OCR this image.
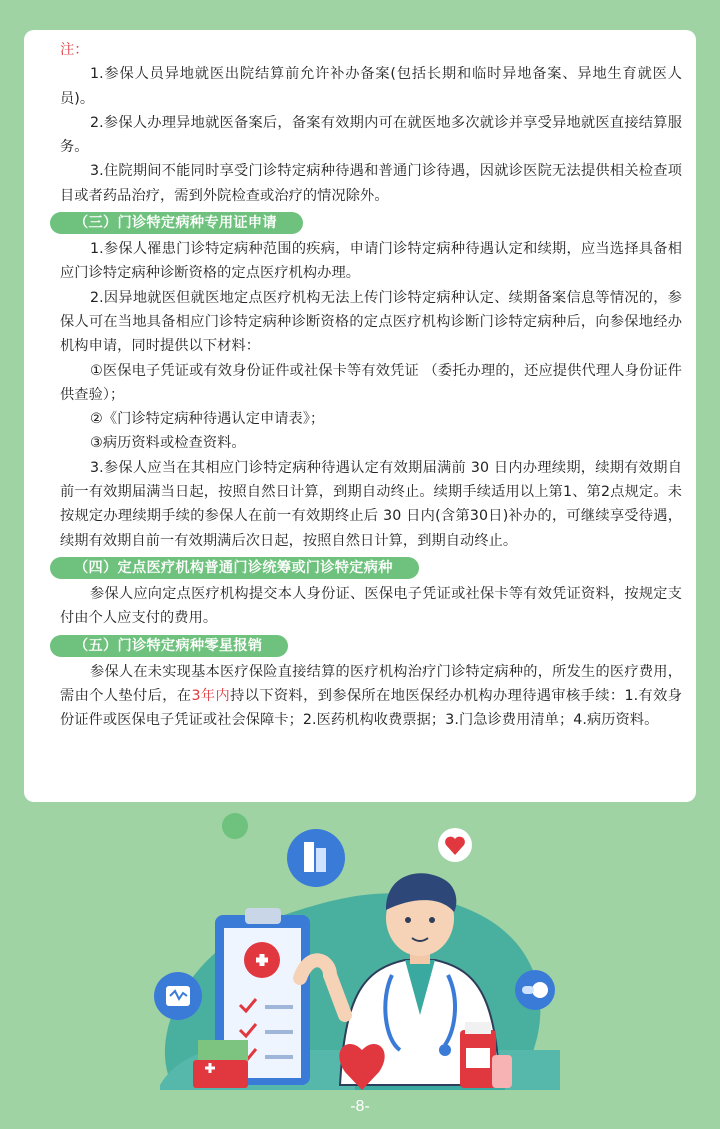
注：

1.参保人员异地就医出院结算前允许补办备案(包括长期和临时异地备案、异地生育就医人员)。

2.参保人办理异地就医备案后，备案有效期内可在就医地多次就诊并享受异地就医直接结算服务。

3.住院期间不能同时享受门诊特定病种待遇和普通门诊待遇，因就诊医院无法提供相关检查项目或者药品治疗，需到外院检查或治疗的情况除外。

（三）门诊特定病种专用证申请

1.参保人罹患门诊特定病种范围的疾病，申请门诊特定病种待遇认定和续期，应当选择具备相应门诊特定病种诊断资格的定点医疗机构办理。

2.因异地就医但就医地定点医疗机构无法上传门诊特定病种认定、续期备案信息等情况的，参保人可在当地具备相应门诊特定病种诊断资格的定点医疗机构诊断门诊特定病种后，向参保地经办机构申请，同时提供以下材料：

①医保电子凭证或有效身份证件或社保卡等有效凭证 （委托办理的，还应提供代理人身份证件供查验）；

②《门诊特定病种待遇认定申请表》；

③病历资料或检查资料。

3.参保人应当在其相应门诊特定病种待遇认定有效期届满前 30 日内办理续期，续期有效期自前一有效期届满当日起，按照自然日计算，到期自动终止。续期手续适用以上第1、第2点规定。未按规定办理续期手续的参保人在前一有效期终止后 30 日内(含第30日)补办的，可继续享受待遇，续期有效期自前一有效期满后次日起，按照自然日计算，到期自动终止。

（四）定点医疗机构普通门诊统筹或门诊特定病种

参保人应向定点医疗机构提交本人身份证、医保电子凭证或社保卡等有效凭证资料，按规定支付由个人应支付的费用。

（五）门诊特定病种零星报销

参保人在未实现基本医疗保险直接结算的医疗机构治疗门诊特定病种的，所发生的医疗费用，需由个人垫付后，在3年内持以下资料，到参保所在地医保经办机构办理待遇审核手续：1.有效身份证件或医保电子凭证或社会保障卡；2.医药机构收费票据；3.门急诊费用清单；4.病历资料。

-8-
